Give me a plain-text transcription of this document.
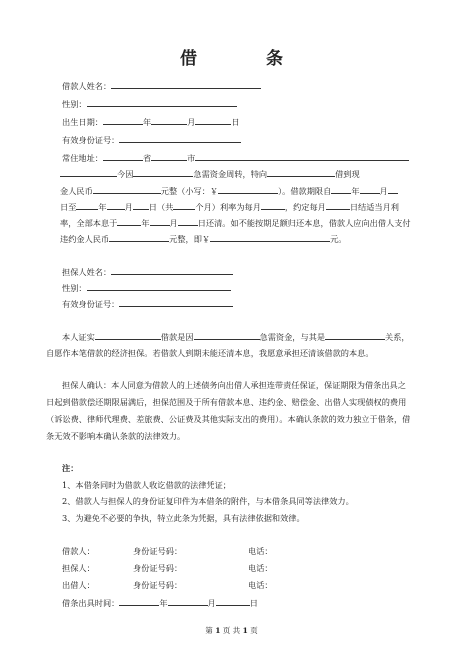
借　条
借款人姓名：
性别：
出生日期：	年	月	日
有效身份证号：
常住地址：	省	市
今因	急需资金周转，特向	借到现
金人民币	元整（小写：￥	）。借款期限自 年 月
日至	年 月 日（共	个月）利率为每月	，约定每月	日结适当月利
率，全部本息于	年 月 日还清。如不能按期足额归还本息，借款人应向出借人支付
违约金人民币	元整，即￥	元。
担保人姓名：
性别：
有效身份证号：
本人证实	借款是因	急需资金，与其是	关系，
自愿作本笔借款的经济担保。若借款人到期未能还清本息，我愿意承担还清该借款的本息。
担保人确认：本人同意为借款人的上述债务向出借人承担连带责任保证，保证期限为借条出具之
日起到借款偿还期限届满后，担保范围及于所有借款本息、违约金、赔偿金、出借人实现债权的费用
（诉讼费、律师代理费、差旅费、公证费及其他实际支出的费用）。本确认条款的效力独立于借条，借
条无效不影响本确认条款的法律效力。
注：
1、本借条同时为借款人收讫借款的法律凭证；
2、借款人与担保人的身份证复印件为本借条的附件，与本借条具同等法律效力。
3、为避免不必要的争执，特立此条为凭据，具有法律依据和效律。
借款人：	身份证号码：	电话：
担保人：	身份证号码：	电话：
出借人：	身份证号码：	电话：
借条出具时间：	年	月	日
第 1 页 共 1 页
